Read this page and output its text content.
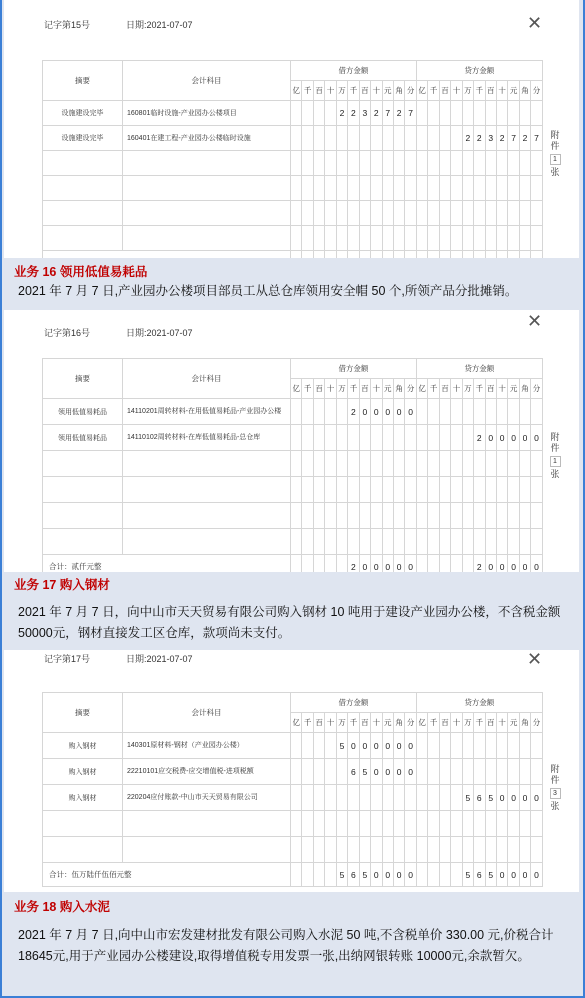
记字第15号	日期:2021-07-07	✕
摘要	会计科目	借方金额											贷方金额										
		亿	千	百	十	万	千	百	十	元	角	分	亿	千	百	十	万	千	百	十	元	角	分
设施建设完毕	160801临时设施-产业园办公楼项目					2	2	3	2	7	2	7											
设施建设完毕	160401在建工程-产业园办公楼临时设施																2	2	3	2	7	2	7

																						附
件
1
张
业务 16 领用低值易耗品
2021 年 7 月 7 日,产业园办公楼项目部员工从总仓库领用安全帽 50 个,所领产品分批摊销。
记字第16号	日期:2021-07-07
✕
摘要	会计科目	借方金额											贷方金额										
		亿	千	百	十	万	千	百	十	元	角	分	亿	千	百	十	万	千	百	十	元	角	分
领用低值易耗品	14110201周转材料-在用低值易耗品-产业园办公楼						2	0	0	0	0	0											
领用低值易耗品	14110102周转材料-在库低值易耗品-总仓库																	2	0	0	0	0	0

合计：贰仟元整							2	0	0	0	0	0						2	0	0	0	0	0
附
件
1
张
业务 17 购入钢材
2021 年 7 月 7 日，向中山市天天贸易有限公司购入钢材 10 吨用于建设产业园办公楼，不含税金额 50000元，钢材直接发工区仓库，款项尚未支付。
记字第17号	日期:2021-07-07	✕
摘要	会计科目	借方金额											贷方金额										
		亿	千	百	十	万	千	百	十	元	角	分	亿	千	百	十	万	千	百	十	元	角	分
购入钢材	140301原材料-钢材（产业园办公楼）					5	0	0	0	0	0	0											
购入钢材	22210101应交税费-应交增值税-进项税额						6	5	0	0	0	0											
购入钢材	220204应付账款-中山市天天贸易有限公司																5	6	5	0	0	0	0

合计：伍万陆仟伍佰元整						5	6	5	0	0	0	0					5	6	5	0	0	0	0
附
件
3
张
业务 18 购入水泥
2021 年 7 月 7 日,向中山市宏发建材批发有限公司购入水泥 50 吨,不含税单价 330.00 元,价税合计 18645元,用于产业园办公楼建设,取得增值税专用发票一张,出纳网银转账 10000元,余款暂欠。
